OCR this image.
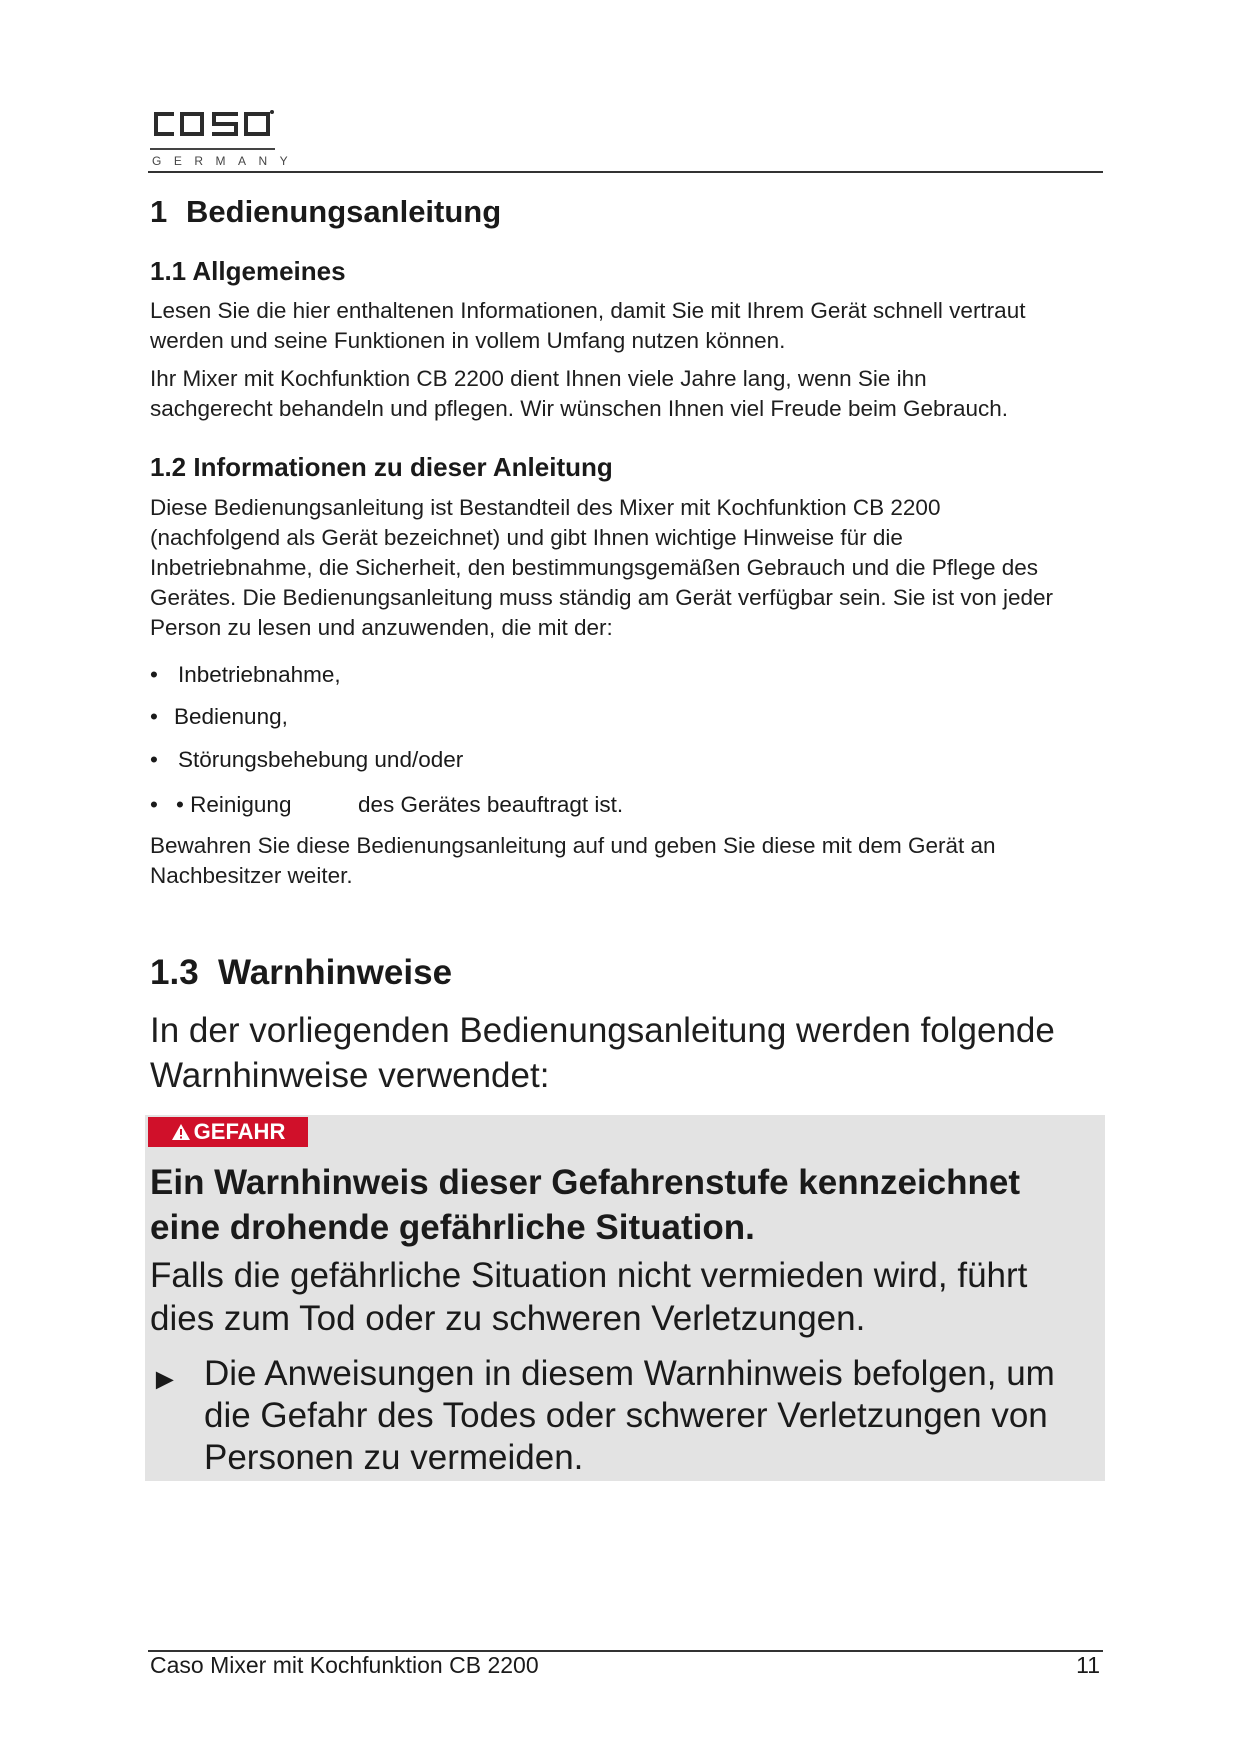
GERMANY
1 Bedienungsanleitung
1.1 Allgemeines
Lesen Sie die hier enthaltenen Informationen, damit Sie mit Ihrem Gerät schnell vertraut
werden und seine Funktionen in vollem Umfang nutzen können.
Ihr Mixer mit Kochfunktion CB 2200 dient Ihnen viele Jahre lang, wenn Sie ihn
sachgerecht behandeln und pflegen. Wir wünschen Ihnen viel Freude beim Gebrauch.
1.2 Informationen zu dieser Anleitung
Diese Bedienungsanleitung ist Bestandteil des Mixer mit Kochfunktion CB 2200
(nachfolgend als Gerät bezeichnet) und gibt Ihnen wichtige Hinweise für die
Inbetriebnahme, die Sicherheit, den bestimmungsgemäßen Gebrauch und die Pflege des
Gerätes. Die Bedienungsanleitung muss ständig am Gerät verfügbar sein. Sie ist von jeder
Person zu lesen und anzuwenden, die mit der:
• Inbetriebnahme,
• Bedienung,
• Störungsbehebung und/oder
• • Reinigung	des Gerätes beauftragt ist.
Bewahren Sie diese Bedienungsanleitung auf und geben Sie diese mit dem Gerät an
Nachbesitzer weiter.
1.3 Warnhinweise
In der vorliegenden Bedienungsanleitung werden folgende
Warnhinweise verwendet:
GEFAHR
Ein Warnhinweis dieser Gefahrenstufe kennzeichnet
eine drohende gefährliche Situation.
Falls die gefährliche Situation nicht vermieden wird, führt
dies zum Tod oder zu schweren Verletzungen.
► Die Anweisungen in diesem Warnhinweis befolgen, um
die Gefahr des Todes oder schwerer Verletzungen von
Personen zu vermeiden.
Caso Mixer mit Kochfunktion CB 2200	11
